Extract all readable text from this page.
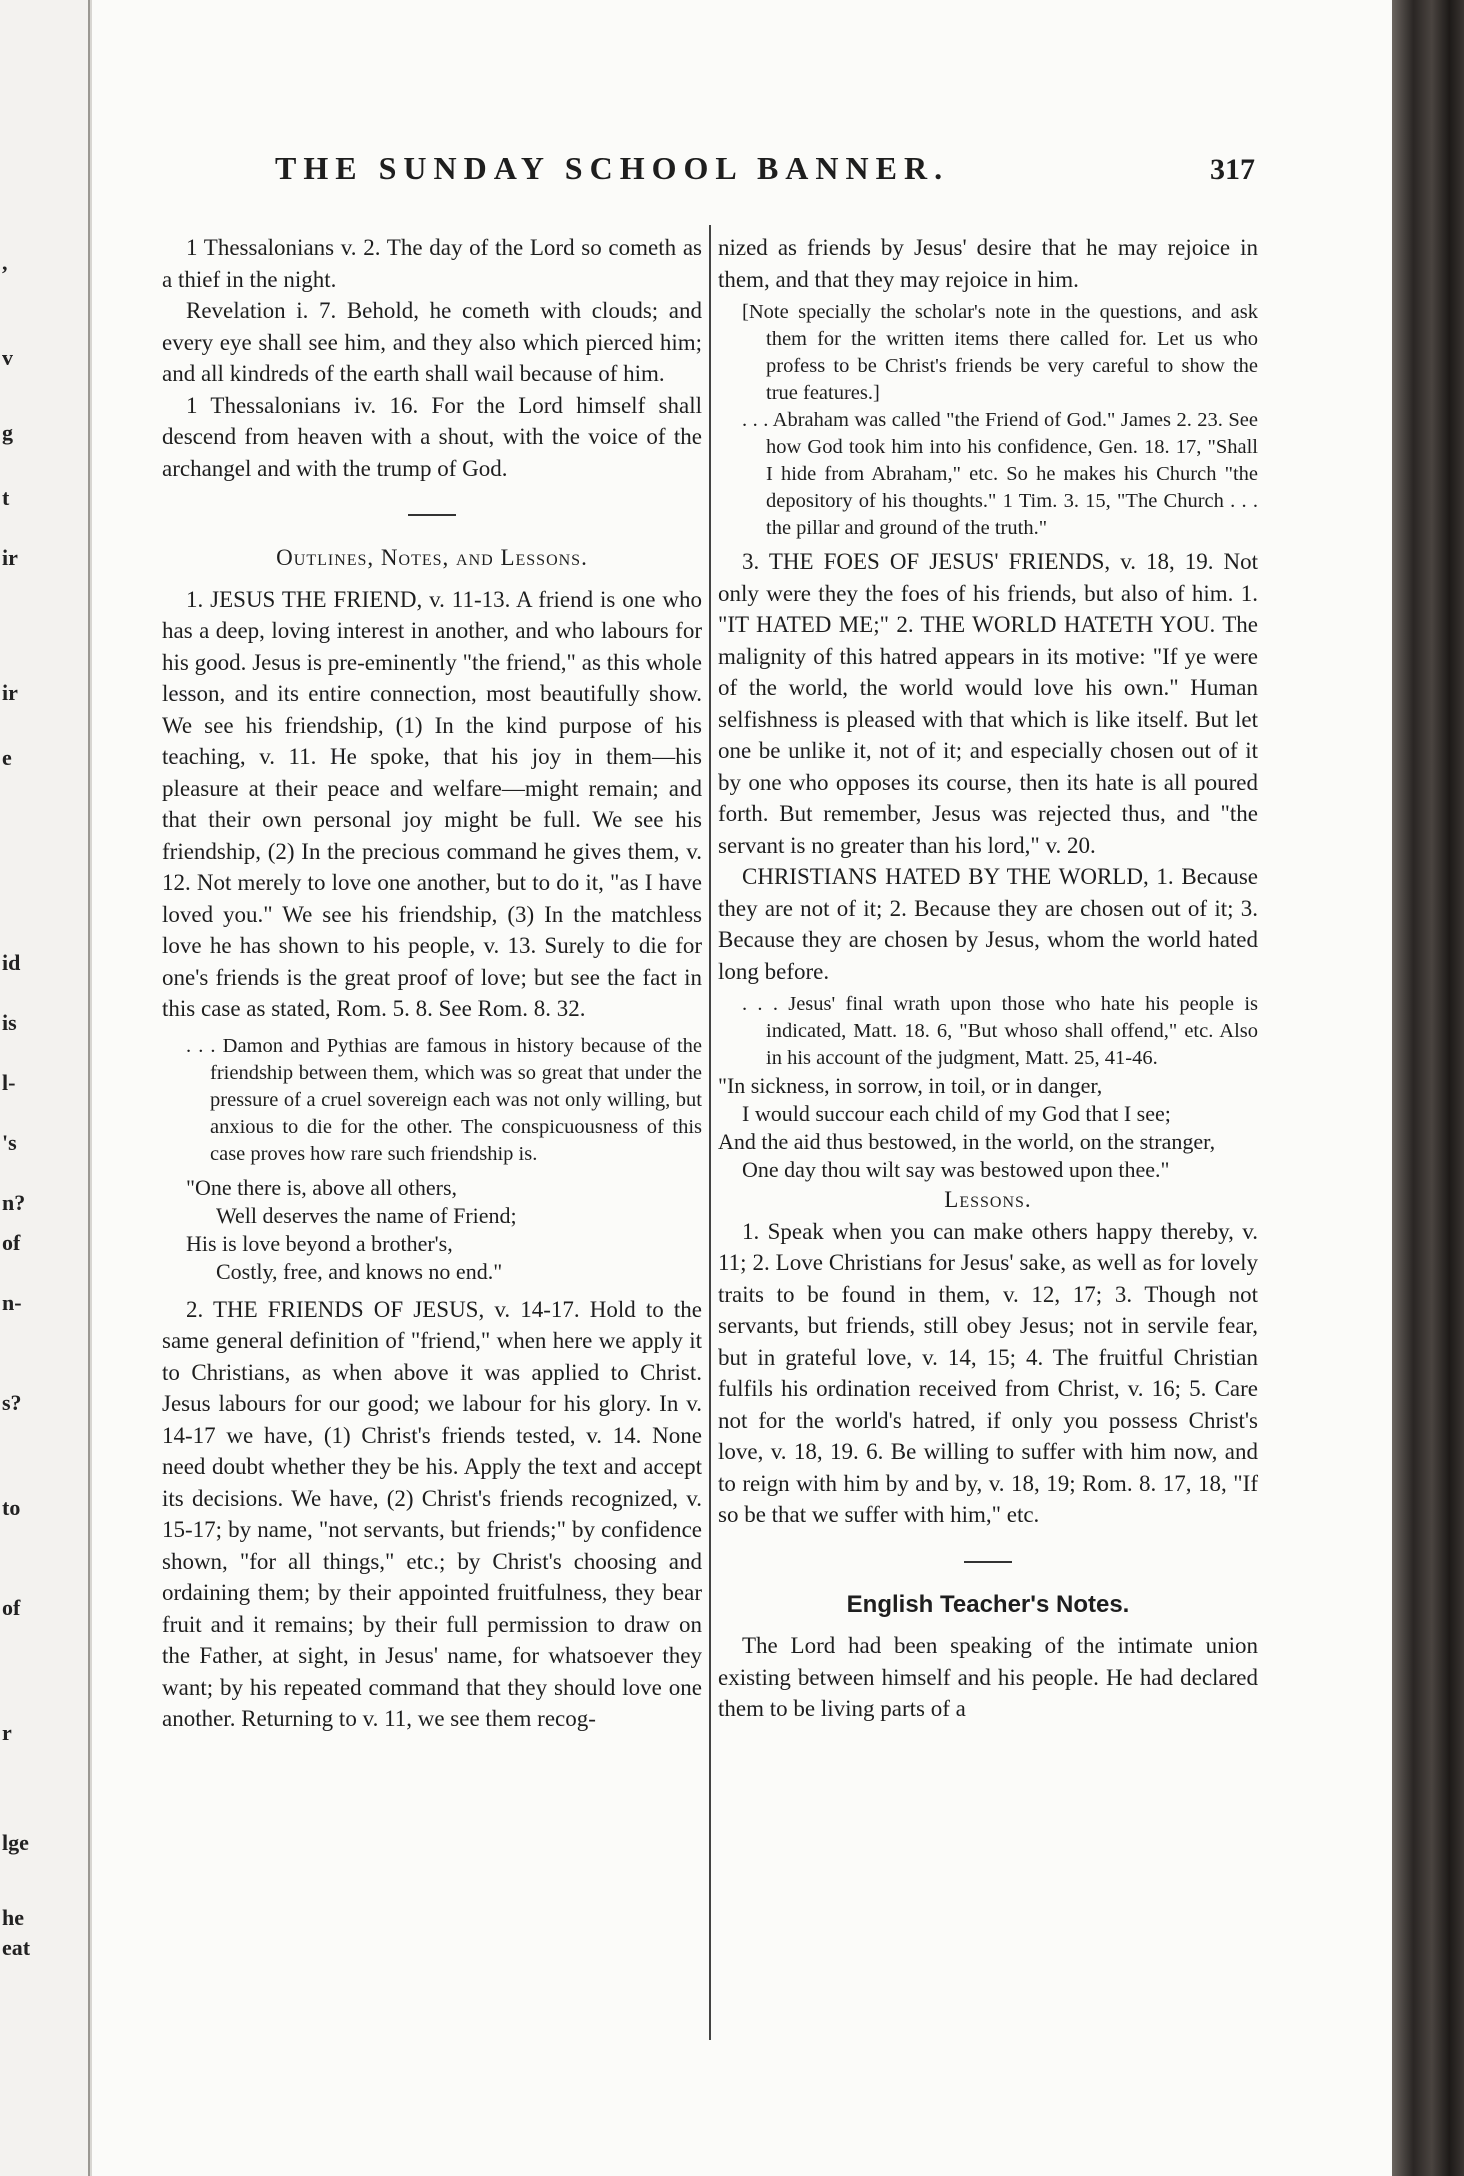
,
v
g
t
ir
ir
e
id
is
l-
's
n?
of
n-
s?
to
of
r
lge
he
eat
THE SUNDAY SCHOOL BANNER.	317

1 Thessalonians v. 2. The day of the Lord so cometh as a thief in the night.

Revelation i. 7. Behold, he cometh with clouds; and every eye shall see him, and they also which pierced him; and all kindreds of the earth shall wail because of him.

1 Thessalonians iv. 16. For the Lord himself shall descend from heaven with a shout, with the voice of the archangel and with the trump of God.

Outlines, Notes, and Lessons.

1. JESUS THE FRIEND, v. 11-13. A friend is one who has a deep, loving interest in another, and who labours for his good. Jesus is pre-eminently "the friend," as this whole lesson, and its entire connection, most beautifully show. We see his friendship, (1) In the kind purpose of his teaching, v. 11. He spoke, that his joy in them—his pleasure at their peace and welfare—might remain; and that their own personal joy might be full. We see his friendship, (2) In the precious command he gives them, v. 12. Not merely to love one another, but to do it, "as I have loved you." We see his friendship, (3) In the matchless love he has shown to his people, v. 13. Surely to die for one's friends is the great proof of love; but see the fact in this case as stated, Rom. 5. 8. See Rom. 8. 32.

. . . Damon and Pythias are famous in history because of the friendship between them, which was so great that under the pressure of a cruel sovereign each was not only willing, but anxious to die for the other. The conspicuousness of this case proves how rare such friendship is.

"One there is, above all others,

Well deserves the name of Friend;

His is love beyond a brother's,

Costly, free, and knows no end."

2. THE FRIENDS OF JESUS, v. 14-17. Hold to the same general definition of "friend," when here we apply it to Christians, as when above it was applied to Christ. Jesus labours for our good; we labour for his glory. In v. 14-17 we have, (1) Christ's friends tested, v. 14. None need doubt whether they be his. Apply the text and accept its decisions. We have, (2) Christ's friends recognized, v. 15-17; by name, "not servants, but friends;" by confidence shown, "for all things," etc.; by Christ's choosing and ordaining them; by their appointed fruitfulness, they bear fruit and it remains; by their full permission to draw on the Father, at sight, in Jesus' name, for whatsoever they want; by his repeated command that they should love one another. Returning to v. 11, we see them recog-

nized as friends by Jesus' desire that he may rejoice in them, and that they may rejoice in him.

[Note specially the scholar's note in the questions, and ask them for the written items there called for. Let us who profess to be Christ's friends be very careful to show the true features.]

. . . Abraham was called "the Friend of God." James 2. 23. See how God took him into his confidence, Gen. 18. 17, "Shall I hide from Abraham," etc. So he makes his Church "the depository of his thoughts." 1 Tim. 3. 15, "The Church . . . the pillar and ground of the truth."

3. THE FOES OF JESUS' FRIENDS, v. 18, 19. Not only were they the foes of his friends, but also of him. 1. "IT HATED ME;" 2. THE WORLD HATETH YOU. The malignity of this hatred appears in its motive: "If ye were of the world, the world would love his own." Human selfishness is pleased with that which is like itself. But let one be unlike it, not of it; and especially chosen out of it by one who opposes its course, then its hate is all poured forth. But remember, Jesus was rejected thus, and "the servant is no greater than his lord," v. 20.

CHRISTIANS HATED BY THE WORLD, 1. Because they are not of it; 2. Because they are chosen out of it; 3. Because they are chosen by Jesus, whom the world hated long before.

. . . Jesus' final wrath upon those who hate his people is indicated, Matt. 18. 6, "But whoso shall offend," etc. Also in his account of the judgment, Matt. 25, 41-46.

"In sickness, in sorrow, in toil, or in danger,

I would succour each child of my God that I see;

And the aid thus bestowed, in the world, on the stranger,

One day thou wilt say was bestowed upon thee."

Lessons.

1. Speak when you can make others happy thereby, v. 11; 2. Love Christians for Jesus' sake, as well as for lovely traits to be found in them, v. 12, 17; 3. Though not servants, but friends, still obey Jesus; not in servile fear, but in grateful love, v. 14, 15; 4. The fruitful Christian fulfils his ordination received from Christ, v. 16; 5. Care not for the world's hatred, if only you possess Christ's love, v. 18, 19. 6. Be willing to suffer with him now, and to reign with him by and by, v. 18, 19; Rom. 8. 17, 18, "If so be that we suffer with him," etc.

English Teacher's Notes.

The Lord had been speaking of the intimate union existing between himself and his people. He had declared them to be living parts of a
